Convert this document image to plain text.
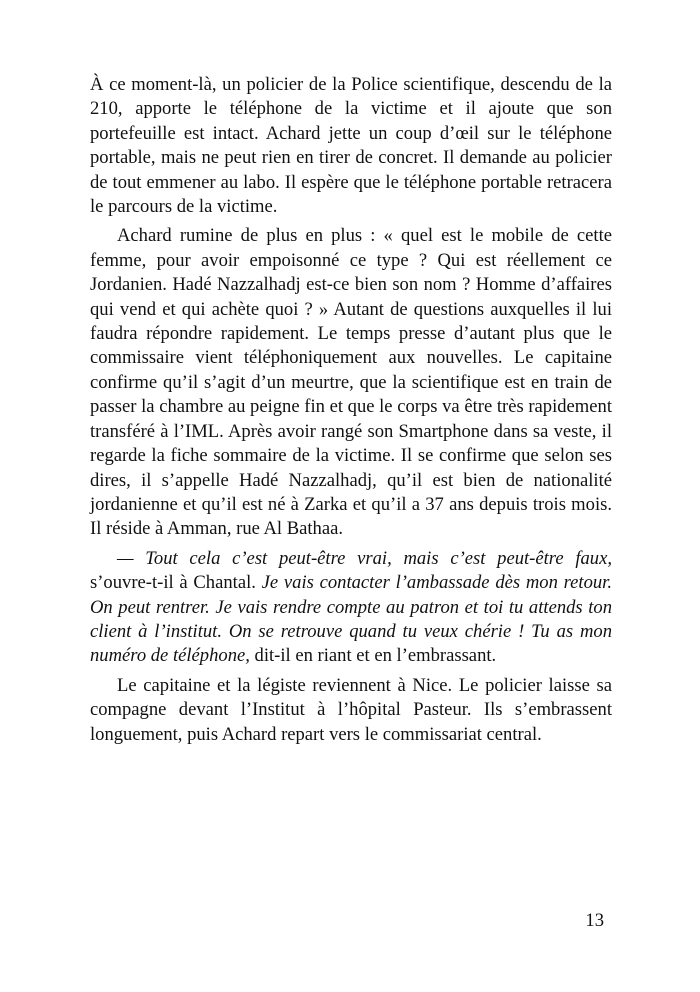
À ce moment-là, un policier de la Police scientifique, descendu de la 210, apporte le téléphone de la victime et il ajoute que son portefeuille est intact. Achard jette un coup d’œil sur le téléphone portable, mais ne peut rien en tirer de concret. Il demande au policier de tout emmener au labo. Il espère que le téléphone portable retracera le parcours de la victime.

Achard rumine de plus en plus : « quel est le mobile de cette femme, pour avoir empoisonné ce type ? Qui est réellement ce Jordanien. Hadé Nazzalhadj est-ce bien son nom ? Homme d’affaires qui vend et qui achète quoi ? » Autant de questions auxquelles il lui faudra répondre rapidement. Le temps presse d’autant plus que le commissaire vient téléphoniquement aux nouvelles. Le capitaine confirme qu’il s’agit d’un meurtre, que la scientifique est en train de passer la chambre au peigne fin et que le corps va être très rapidement transféré à l’IML. Après avoir rangé son Smartphone dans sa veste, il regarde la fiche sommaire de la victime. Il se confirme que selon ses dires, il s’appelle Hadé Nazzalhadj, qu’il est bien de nationalité jordanienne et qu’il est né à Zarka et qu’il a 37 ans depuis trois mois. Il réside à Amman, rue Al Bathaa.

— Tout cela c’est peut-être vrai, mais c’est peut-être faux, s’ouvre-t-il à Chantal. Je vais contacter l’ambassade dès mon retour. On peut rentrer. Je vais rendre compte au patron et toi tu attends ton client à l’institut. On se retrouve quand tu veux chérie ! Tu as mon numéro de téléphone, dit-il en riant et en l’embrassant.

Le capitaine et la légiste reviennent à Nice. Le policier laisse sa compagne devant l’Institut à l’hôpital Pasteur. Ils s’embrassent longuement, puis Achard repart vers le commissariat central.

13
